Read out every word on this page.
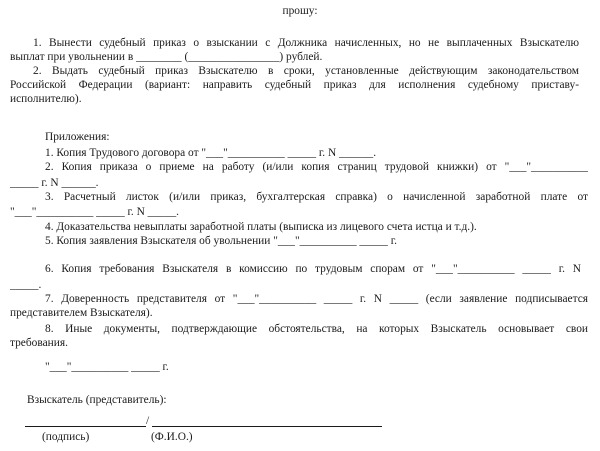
прошу:
1. Вынести судебный приказ о взыскании с Должника начисленных, но не выплаченных Взыскателю
выплат при увольнении в ________ (________________) рублей.
2. Выдать судебный приказ Взыскателю в сроки, установленные действующим законодательством
Российской Федерации (вариант: направить судебный приказ для исполнения судебному приставу-
исполнителю).
Приложения:
1. Копия Трудового договора от "___"__________ _____ г. N ______.
2. Копия приказа о приеме на работу (и/или копия страниц трудовой книжки) от "___"__________
_____ г. N ______.
3. Расчетный листок (и/или приказ, бухгалтерская справка) о начисленной заработной плате от
"___"__________ _____ г. N _____.
4. Доказательства невыплаты заработной платы (выписка из лицевого счета истца и т.д.).
5. Копия заявления Взыскателя об увольнении "___"__________ _____ г.
6. Копия требования Взыскателя в комиссию по трудовым спорам от "___"__________ _____ г. N
_____.
7. Доверенность представителя от "___"__________ _____ г. N _____ (если заявление подписывается
представителем Взыскателя).
8. Иные документы, подтверждающие обстоятельства, на которых Взыскатель основывает свои
требования.
"___"__________ _____ г.
Взыскатель (представитель):
/
(подпись)	(Ф.И.О.)
